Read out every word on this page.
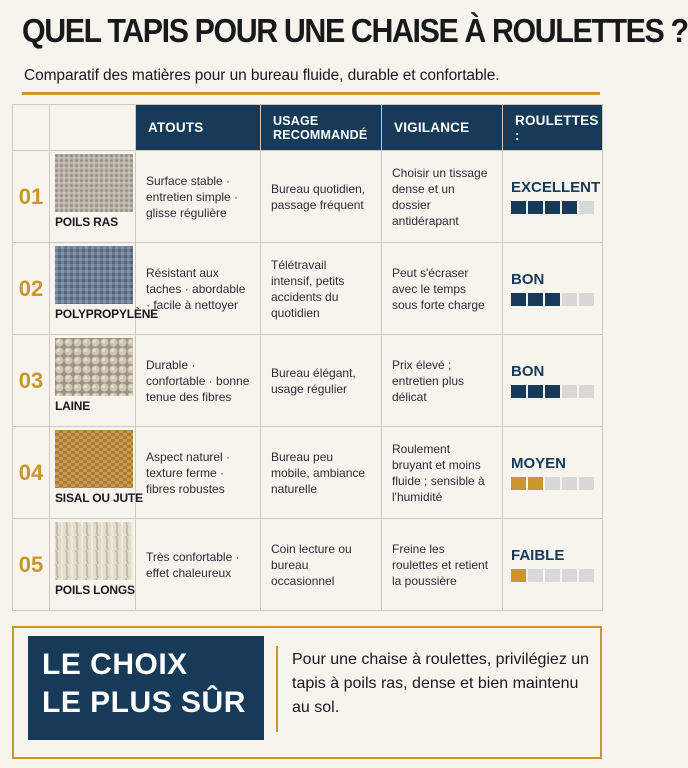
QUEL TAPIS POUR UNE CHAISE À ROULETTES ?
Comparatif des matières pour un bureau fluide, durable et confortable.
		ATOUTS	USAGE
RECOMMANDÉ	VIGILANCE	ROULETTES :
01	POILS RAS	Surface stable · entretien simple · glisse régulière	Bureau quotidien, passage fréquent	Choisir un tissage dense et un dossier antidérapant	EXCELLENT

02	POLYPROPYLÈNE	Résistant aux taches · abordable · facile à nettoyer	Télétravail intensif, petits accidents du quotidien	Peut s'écraser avec le temps sous forte charge	BON

03	LAINE	Durable · confortable · bonne tenue des fibres	Bureau élégant, usage régulier	Prix élevé ; entretien plus délicat	BON

04	SISAL OU JUTE	Aspect naturel · texture ferme · fibres robustes	Bureau peu mobile, ambiance naturelle	Roulement bruyant et moins fluide ; sensible à l'humidité	MOYEN

05	POILS LONGS	Très confortable · effet chaleureux	Coin lecture ou bureau occasionnel	Freine les roulettes et retient la poussière	FAIBLE
LE CHOIX
LE PLUS SÛR
Pour une chaise à roulettes, privilégiez un tapis à poils ras, dense et bien maintenu au sol.
